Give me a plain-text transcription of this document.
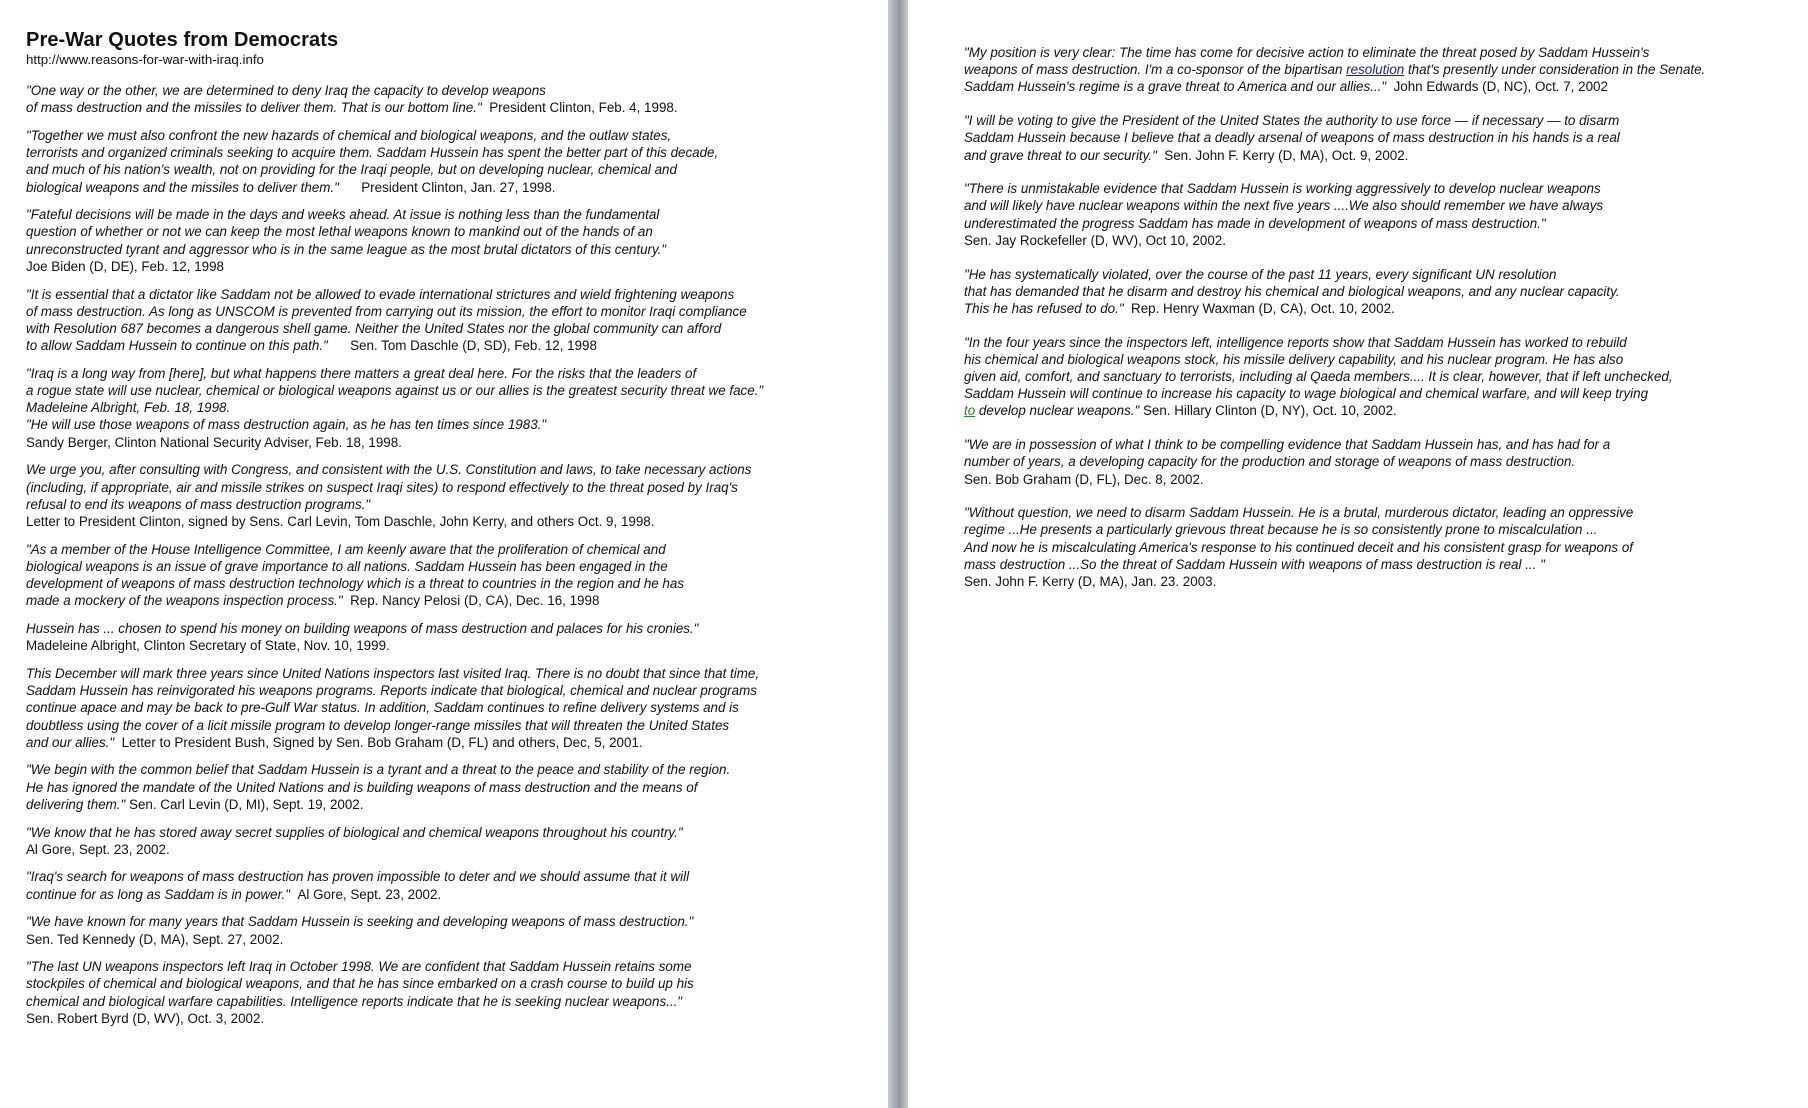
Pre-War Quotes from Democrats
http://www.reasons-for-war-with-iraq.info
"One way or the other, we are determined to deny Iraq the capacity to develop weapons
of mass destruction and the missiles to deliver them. That is our bottom line." President Clinton, Feb. 4, 1998.
"Together we must also confront the new hazards of chemical and biological weapons, and the outlaw states,
terrorists and organized criminals seeking to acquire them. Saddam Hussein has spent the better part of this decade,
and much of his nation's wealth, not on providing for the Iraqi people, but on developing nuclear, chemical and
biological weapons and the missiles to deliver them." President Clinton, Jan. 27, 1998.
"Fateful decisions will be made in the days and weeks ahead. At issue is nothing less than the fundamental
question of whether or not we can keep the most lethal weapons known to mankind out of the hands of an
unreconstructed tyrant and aggressor who is in the same league as the most brutal dictators of this century."
Joe Biden (D, DE), Feb. 12, 1998
"It is essential that a dictator like Saddam not be allowed to evade international strictures and wield frightening weapons
of mass destruction. As long as UNSCOM is prevented from carrying out its mission, the effort to monitor Iraqi compliance
with Resolution 687 becomes a dangerous shell game. Neither the United States nor the global community can afford
to allow Saddam Hussein to continue on this path." Sen. Tom Daschle (D, SD), Feb. 12, 1998
"Iraq is a long way from [here], but what happens there matters a great deal here. For the risks that the leaders of
a rogue state will use nuclear, chemical or biological weapons against us or our allies is the greatest security threat we face."
Madeleine Albright, Feb. 18, 1998.
"He will use those weapons of mass destruction again, as he has ten times since 1983."
Sandy Berger, Clinton National Security Adviser, Feb. 18, 1998.
We urge you, after consulting with Congress, and consistent with the U.S. Constitution and laws, to take necessary actions
(including, if appropriate, air and missile strikes on suspect Iraqi sites) to respond effectively to the threat posed by Iraq's
refusal to end its weapons of mass destruction programs."
Letter to President Clinton, signed by Sens. Carl Levin, Tom Daschle, John Kerry, and others Oct. 9, 1998.
"As a member of the House Intelligence Committee, I am keenly aware that the proliferation of chemical and
biological weapons is an issue of grave importance to all nations. Saddam Hussein has been engaged in the
development of weapons of mass destruction technology which is a threat to countries in the region and he has
made a mockery of the weapons inspection process." Rep. Nancy Pelosi (D, CA), Dec. 16, 1998
Hussein has ... chosen to spend his money on building weapons of mass destruction and palaces for his cronies."
Madeleine Albright, Clinton Secretary of State, Nov. 10, 1999.
This December will mark three years since United Nations inspectors last visited Iraq. There is no doubt that since that time,
Saddam Hussein has reinvigorated his weapons programs. Reports indicate that biological, chemical and nuclear programs
continue apace and may be back to pre-Gulf War status. In addition, Saddam continues to refine delivery systems and is
doubtless using the cover of a licit missile program to develop longer-range missiles that will threaten the United States
and our allies." Letter to President Bush, Signed by Sen. Bob Graham (D, FL) and others, Dec, 5, 2001.
"We begin with the common belief that Saddam Hussein is a tyrant and a threat to the peace and stability of the region.
He has ignored the mandate of the United Nations and is building weapons of mass destruction and the means of
delivering them." Sen. Carl Levin (D, MI), Sept. 19, 2002.
"We know that he has stored away secret supplies of biological and chemical weapons throughout his country."
Al Gore, Sept. 23, 2002.
"Iraq's search for weapons of mass destruction has proven impossible to deter and we should assume that it will
continue for as long as Saddam is in power." Al Gore, Sept. 23, 2002.
"We have known for many years that Saddam Hussein is seeking and developing weapons of mass destruction."
Sen. Ted Kennedy (D, MA), Sept. 27, 2002.
"The last UN weapons inspectors left Iraq in October 1998. We are confident that Saddam Hussein retains some
stockpiles of chemical and biological weapons, and that he has since embarked on a crash course to build up his
chemical and biological warfare capabilities. Intelligence reports indicate that he is seeking nuclear weapons..."
Sen. Robert Byrd (D, WV), Oct. 3, 2002.
"My position is very clear: The time has come for decisive action to eliminate the threat posed by Saddam Hussein's
weapons of mass destruction. I'm a co-sponsor of the bipartisan resolution that's presently under consideration in the Senate.
Saddam Hussein's regime is a grave threat to America and our allies..." John Edwards (D, NC), Oct. 7, 2002
"I will be voting to give the President of the United States the authority to use force — if necessary — to disarm
Saddam Hussein because I believe that a deadly arsenal of weapons of mass destruction in his hands is a real
and grave threat to our security." Sen. John F. Kerry (D, MA), Oct. 9, 2002.
"There is unmistakable evidence that Saddam Hussein is working aggressively to develop nuclear weapons
and will likely have nuclear weapons within the next five years ....We also should remember we have always
underestimated the progress Saddam has made in development of weapons of mass destruction."
Sen. Jay Rockefeller (D, WV), Oct 10, 2002.
"He has systematically violated, over the course of the past 11 years, every significant UN resolution
that has demanded that he disarm and destroy his chemical and biological weapons, and any nuclear capacity.
This he has refused to do." Rep. Henry Waxman (D, CA), Oct. 10, 2002.
"In the four years since the inspectors left, intelligence reports show that Saddam Hussein has worked to rebuild
his chemical and biological weapons stock, his missile delivery capability, and his nuclear program. He has also
given aid, comfort, and sanctuary to terrorists, including al Qaeda members.... It is clear, however, that if left unchecked,
Saddam Hussein will continue to increase his capacity to wage biological and chemical warfare, and will keep trying
to develop nuclear weapons." Sen. Hillary Clinton (D, NY), Oct. 10, 2002.
"We are in possession of what I think to be compelling evidence that Saddam Hussein has, and has had for a
number of years, a developing capacity for the production and storage of weapons of mass destruction.
Sen. Bob Graham (D, FL), Dec. 8, 2002.
"Without question, we need to disarm Saddam Hussein. He is a brutal, murderous dictator, leading an oppressive
regime ...He presents a particularly grievous threat because he is so consistently prone to miscalculation ...
And now he is miscalculating America's response to his continued deceit and his consistent grasp for weapons of
mass destruction ...So the threat of Saddam Hussein with weapons of mass destruction is real ... "
Sen. John F. Kerry (D, MA), Jan. 23. 2003.
